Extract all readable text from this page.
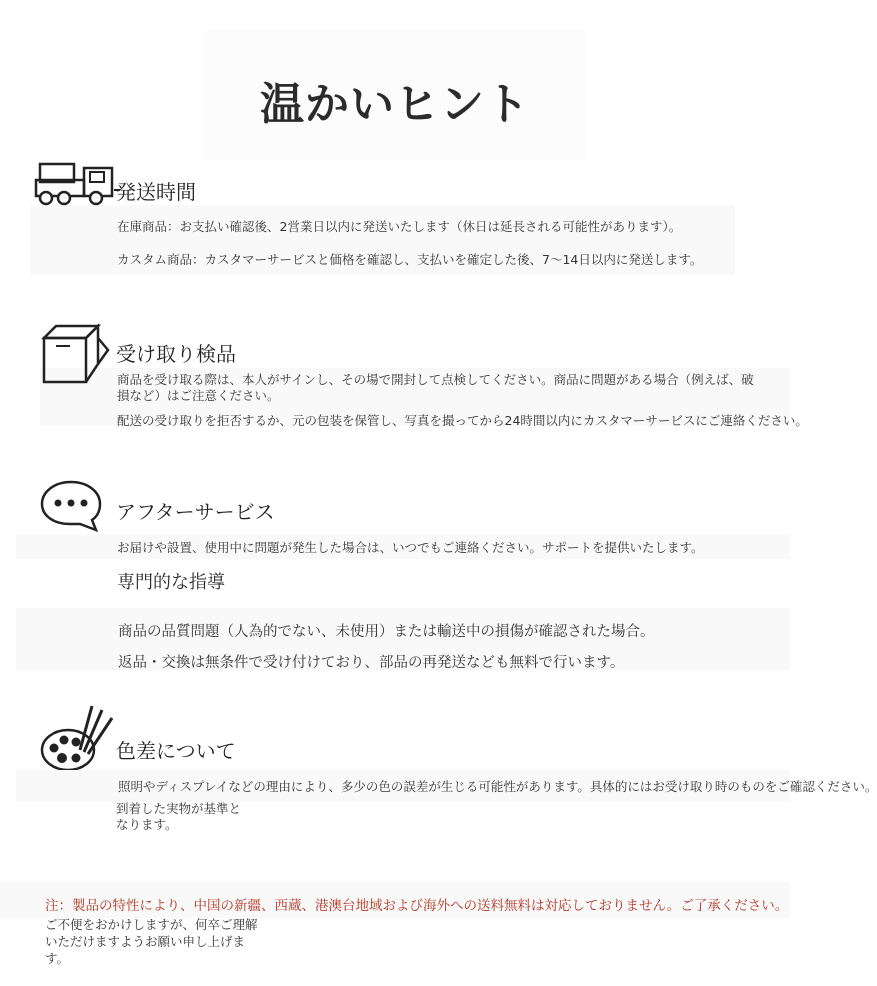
温かいヒント
発送時間
在庫商品：お支払い確認後、2営業日以内に発送いたします（休日は延長される可能性があります）。
カスタム商品：カスタマーサービスと価格を確認し、支払いを確定した後、7〜14日以内に発送します。
受け取り検品
商品を受け取る際は、本人がサインし、その場で開封して点検してください。商品に問題がある場合（例えば、破損など）はご注意ください。
配送の受け取りを拒否するか、元の包装を保管し、写真を撮ってから24時間以内にカスタマーサービスにご連絡ください。
アフターサービス
お届けや設置、使用中に問題が発生した場合は、いつでもご連絡ください。サポートを提供いたします。
専門的な指導
商品の品質問題（人為的でない、未使用）または輸送中の損傷が確認された場合。
返品・交換は無条件で受け付けており、部品の再発送なども無料で行います。
色差について
照明やディスプレイなどの理由により、多少の色の誤差が生じる可能性があります。具体的にはお受け取り時のものをご確認ください。
到着した実物が基準となります。
注：製品の特性により、中国の新疆、西蔵、港澳台地域および海外への送料無料は対応しておりません。ご了承ください。
ご不便をおかけしますが、何卒ご理解いただけますようお願い申し上げます。
